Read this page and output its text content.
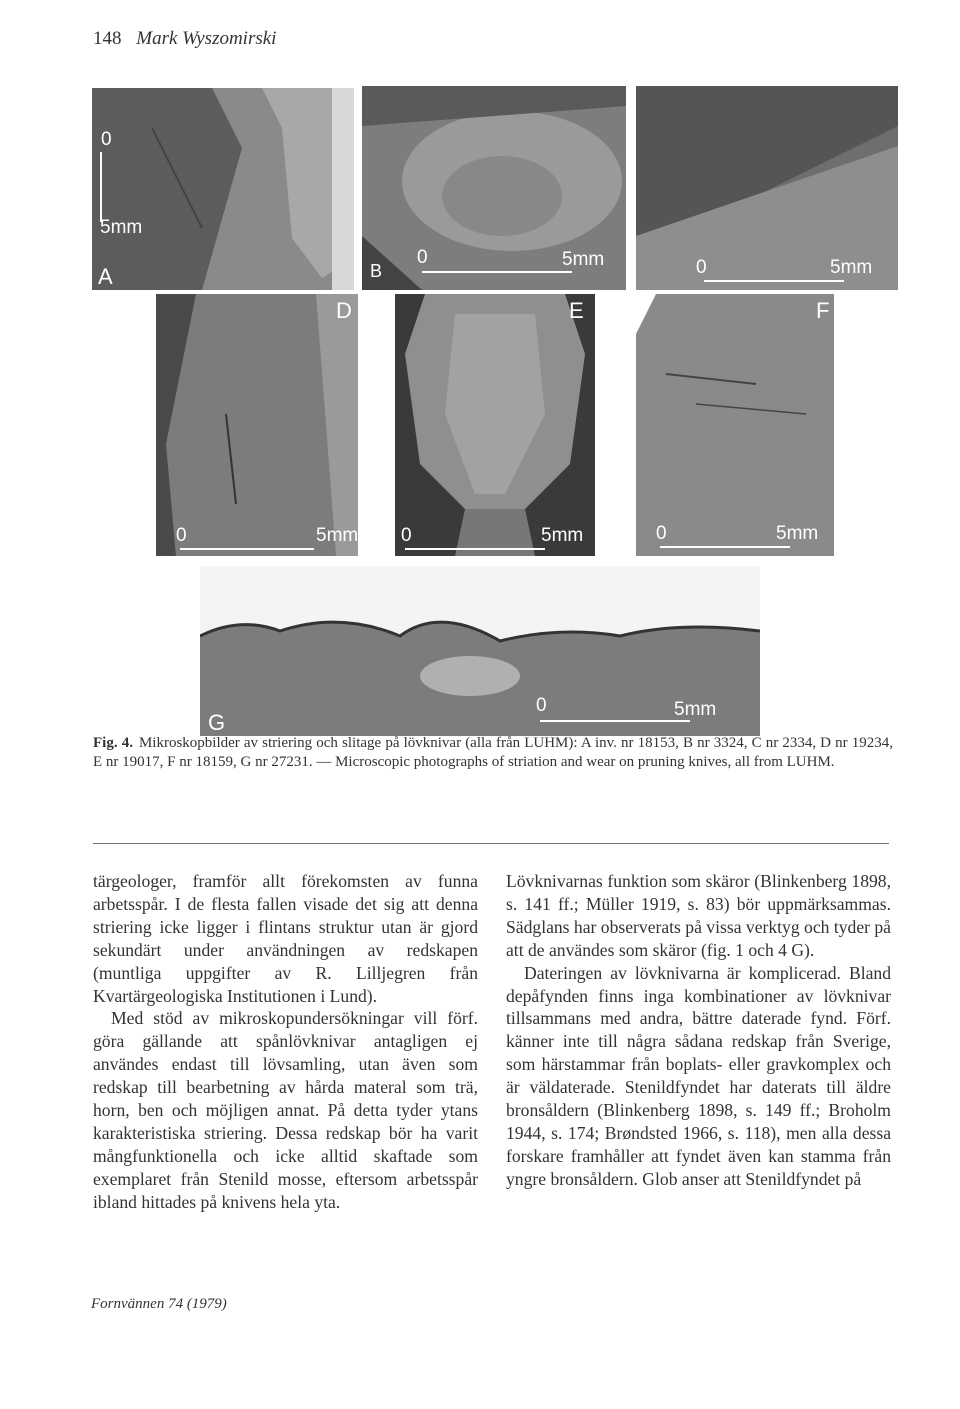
148 Mark Wyszomirski
A
0
5mm
B
0	5mm	0	5mm
D
0	5mm
E
0	5mm
F
0	5mm
G
0	5mm
Fig. 4. Mikroskopbilder av striering och slitage på lövknivar (alla från LUHM): A inv. nr 18153, B nr 3324, C nr 2334, D nr 19234, E nr 19017, F nr 18159, G nr 27231. — Microscopic photographs of striation and wear on pruning knives, all from LUHM.

tärgeologer, framför allt förekomsten av funna arbetsspår. I de flesta fallen visade det sig att denna striering icke ligger i flintans struktur utan är gjord sekundärt under användningen av redskapen (muntliga uppgifter av R. Lilljegren från Kvartärgeologiska Institutionen i Lund).

Med stöd av mikroskopundersökningar vill förf. göra gällande att spånlövknivar antagligen ej användes endast till lövsamling, utan även som redskap till bearbetning av hårda materal som trä, horn, ben och möjligen annat. På detta tyder ytans karakteristiska striering. Dessa redskap bör ha varit mångfunktionella och icke alltid skaftade som exemplaret från Stenild mosse, eftersom arbetsspår ibland hittades på knivens hela yta.

Lövknivarnas funktion som skäror (Blinkenberg 1898, s. 141 ff.; Müller 1919, s. 83) bör uppmärksammas. Sädglans har observerats på vissa verktyg och tyder på att de användes som skäror (fig. 1 och 4 G).

Dateringen av lövknivarna är komplicerad. Bland depåfynden finns inga kombinationer av lövknivar tillsammans med andra, bättre daterade fynd. Förf. känner inte till några sådana redskap från Sverige, som härstammar från boplats- eller gravkomplex och är väldaterade. Stenildfyndet har daterats till äldre bronsåldern (Blinkenberg 1898, s. 149 ff.; Broholm 1944, s. 174; Brøndsted 1966, s. 118), men alla dessa forskare framhåller att fyndet även kan stamma från yngre bronsåldern. Glob anser att Stenildfyndet på

Fornvännen 74 (1979)
